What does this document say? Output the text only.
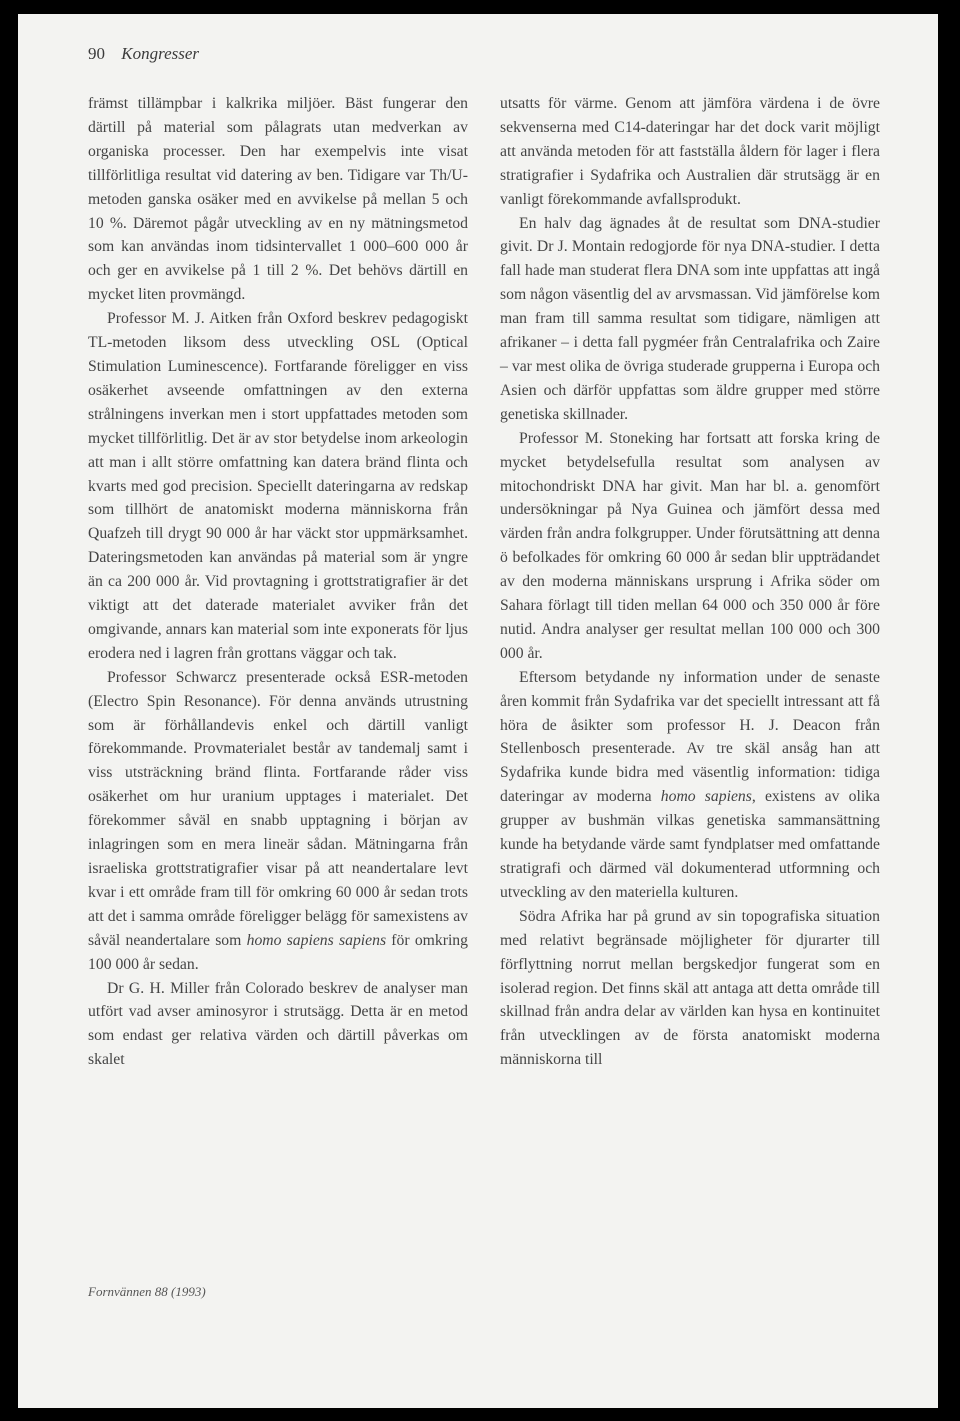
90 Kongresser

främst tillämpbar i kalkrika miljöer. Bäst fungerar den därtill på material som pålagrats utan medverkan av organiska processer. Den har exempelvis inte visat tillförlitliga resultat vid datering av ben. Tidigare var Th/U-metoden ganska osäker med en avvikelse på mellan 5 och 10 %. Däremot pågår utveckling av en ny mätningsmetod som kan användas inom tidsintervallet 1 000–600 000 år och ger en avvikelse på 1 till 2 %. Det behövs därtill en mycket liten provmängd.

Professor M. J. Aitken från Oxford beskrev pedagogiskt TL-metoden liksom dess utveckling OSL (Optical Stimulation Luminescence). Fortfarande föreligger en viss osäkerhet avseende omfattningen av den externa strålningens inverkan men i stort uppfattades metoden som mycket tillförlitlig. Det är av stor betydelse inom arkeologin att man i allt större omfattning kan datera bränd flinta och kvarts med god precision. Speciellt dateringarna av redskap som tillhört de anatomiskt moderna människorna från Quafzeh till drygt 90 000 år har väckt stor uppmärksamhet. Dateringsmetoden kan användas på material som är yngre än ca 200 000 år. Vid provtagning i grottstratigrafier är det viktigt att det daterade materialet avviker från det omgivande, annars kan material som inte exponerats för ljus erodera ned i lagren från grottans väggar och tak.

Professor Schwarcz presenterade också ESR-metoden (Electro Spin Resonance). För denna används utrustning som är förhållandevis enkel och därtill vanligt förekommande. Provmaterialet består av tandemalj samt i viss utsträckning bränd flinta. Fortfarande råder viss osäkerhet om hur uranium upptages i materialet. Det förekommer såväl en snabb upptagning i början av inlagringen som en mera lineär sådan. Mätningarna från israeliska grottstratigrafier visar på att neandertalare levt kvar i ett område fram till för omkring 60 000 år sedan trots att det i samma område föreligger belägg för samexistens av såväl neandertalare som homo sapiens sapiens för omkring 100 000 år sedan.

Dr G. H. Miller från Colorado beskrev de analyser man utfört vad avser aminosyror i strutsägg. Detta är en metod som endast ger relativa värden och därtill påverkas om skalet

utsatts för värme. Genom att jämföra värdena i de övre sekvenserna med C14-dateringar har det dock varit möjligt att använda metoden för att fastställa åldern för lager i flera stratigrafier i Sydafrika och Australien där strutsägg är en vanligt förekommande avfallsprodukt.

En halv dag ägnades åt de resultat som DNA-studier givit. Dr J. Montain redogjorde för nya DNA-studier. I detta fall hade man studerat flera DNA som inte uppfattas att ingå som någon väsentlig del av arvsmassan. Vid jämförelse kom man fram till samma resultat som tidigare, nämligen att afrikaner – i detta fall pygméer från Centralafrika och Zaire – var mest olika de övriga studerade grupperna i Europa och Asien och därför uppfattas som äldre grupper med större genetiska skillnader.

Professor M. Stoneking har fortsatt att forska kring de mycket betydelsefulla resultat som analysen av mitochondriskt DNA har givit. Man har bl. a. genomfört undersökningar på Nya Guinea och jämfört dessa med värden från andra folkgrupper. Under förutsättning att denna ö befolkades för omkring 60 000 år sedan blir uppträdandet av den moderna människans ursprung i Afrika söder om Sahara förlagt till tiden mellan 64 000 och 350 000 år före nutid. Andra analyser ger resultat mellan 100 000 och 300 000 år.

Eftersom betydande ny information under de senaste åren kommit från Sydafrika var det speciellt intressant att få höra de åsikter som professor H. J. Deacon från Stellenbosch presenterade. Av tre skäl ansåg han att Sydafrika kunde bidra med väsentlig information: tidiga dateringar av moderna homo sapiens, existens av olika grupper av bushmän vilkas genetiska sammansättning kunde ha betydande värde samt fyndplatser med omfattande stratigrafi och därmed väl dokumenterad utformning och utveckling av den materiella kulturen.

Södra Afrika har på grund av sin topografiska situation med relativt begränsade möjligheter för djurarter till förflyttning norrut mellan bergskedjor fungerat som en isolerad region. Det finns skäl att antaga att detta område till skillnad från andra delar av världen kan hysa en kontinuitet från utvecklingen av de första anatomiskt moderna människorna till

Fornvännen 88 (1993)
